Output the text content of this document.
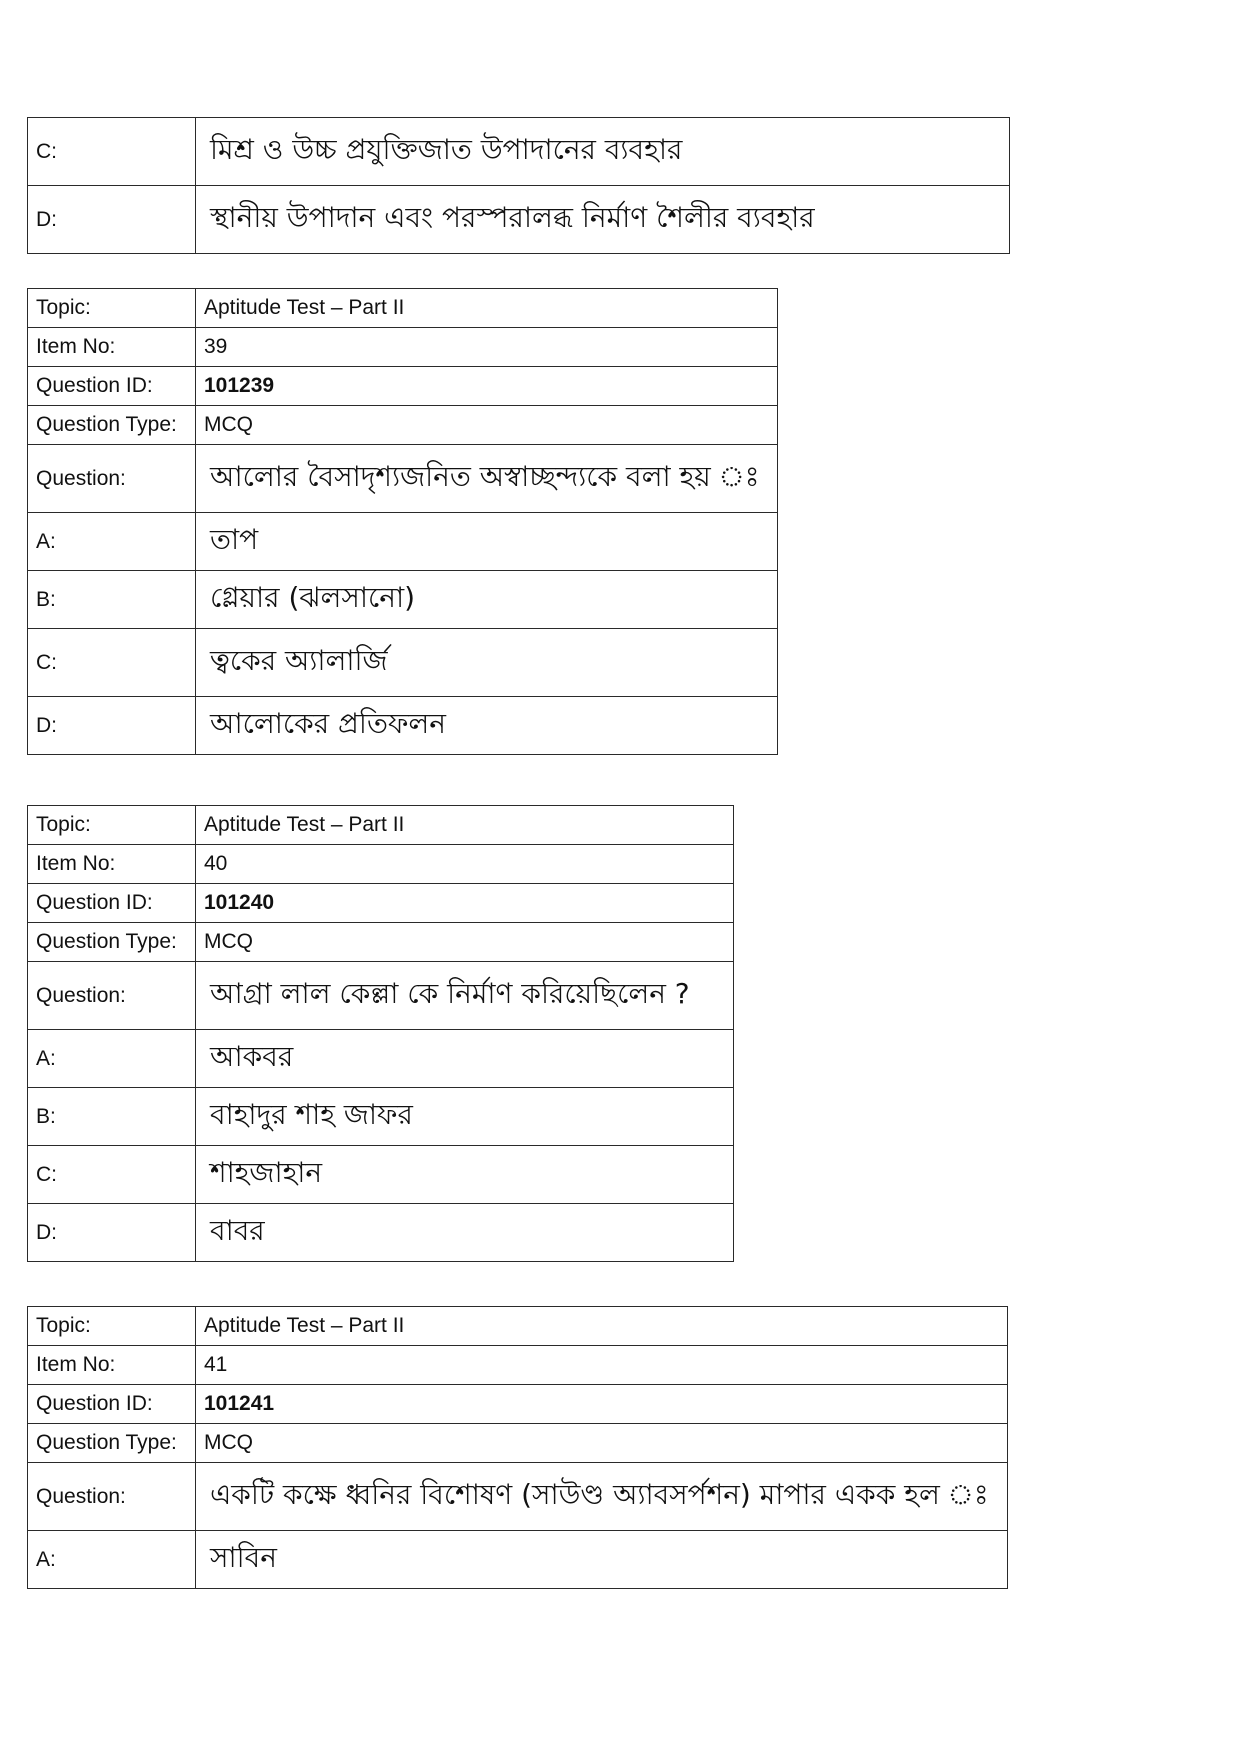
C:	মিশ্র ও উচ্চ প্রযুক্তিজাত উপাদানের ব্যবহার
D:	স্থানীয় উপাদান এবং পরস্পরালব্ধ নির্মাণ শৈলীর ব্যবহার
Topic:	Aptitude Test – Part II
Item No:	39
Question ID:	101239
Question Type:	MCQ
Question:	আলোর বৈসাদৃশ্যজনিত অস্বাচ্ছন্দ্যকে বলা হয় ঃ
A:	তাপ
B:	গ্লেয়ার (ঝলসানো)
C:	ত্বকের অ্যালার্জি
D:	আলোকের প্রতিফলন
Topic:	Aptitude Test – Part II
Item No:	40
Question ID:	101240
Question Type:	MCQ
Question:	আগ্রা লাল কেল্লা কে নির্মাণ করিয়েছিলেন ?
A:	আকবর
B:	বাহাদুর শাহ জাফর
C:	শাহজাহান
D:	বাবর
Topic:	Aptitude Test – Part II
Item No:	41
Question ID:	101241
Question Type:	MCQ
Question:	একটি কক্ষে ধ্বনির বিশোষণ (সাউণ্ড অ্যাবসর্পশন) মাপার একক হল ঃ
A:	সাবিন
